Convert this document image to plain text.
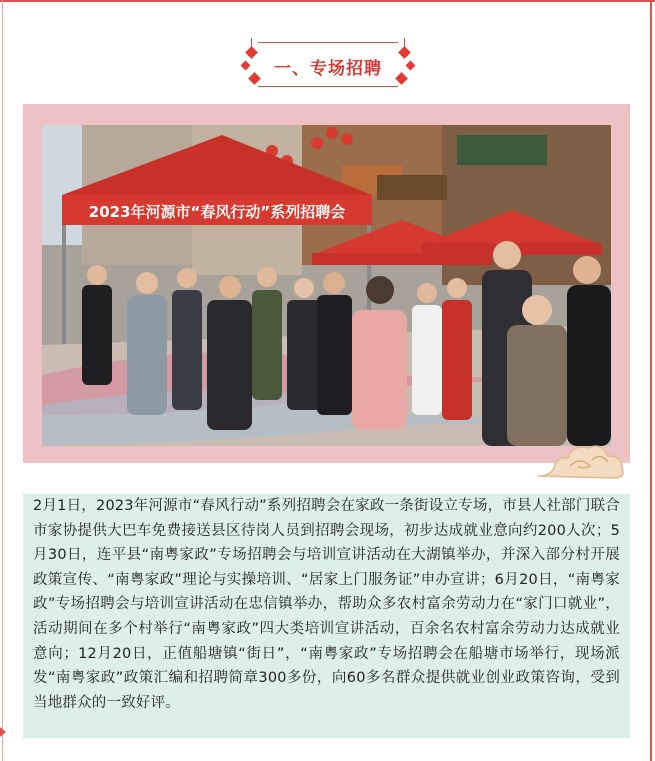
一、专场招聘
2023年河源市“春风行动”系列招聘会

2月1日，2023年河源市“春风行动”系列招聘会在家政一条街设立专场，市县人社部门联合市家协提供大巴车免费接送县区待岗人员到招聘会现场，初步达成就业意向约200人次；5月30日，连平县“南粤家政”专场招聘会与培训宣讲活动在大湖镇举办，并深入部分村开展政策宣传、“南粤家政”理论与实操培训、“居家上门服务证”申办宣讲；6月20日，“南粤家政”专场招聘会与培训宣讲活动在忠信镇举办，帮助众多农村富余劳动力在“家门口就业”，活动期间在多个村举行“南粤家政”四大类培训宣讲活动，百余名农村富余劳动力达成就业意向；12月20日，正值船塘镇“街日”，“南粤家政”专场招聘会在船塘市场举行，现场派发“南粤家政”政策汇编和招聘简章300多份，向60多名群众提供就业创业政策咨询，受到当地群众的一致好评。
